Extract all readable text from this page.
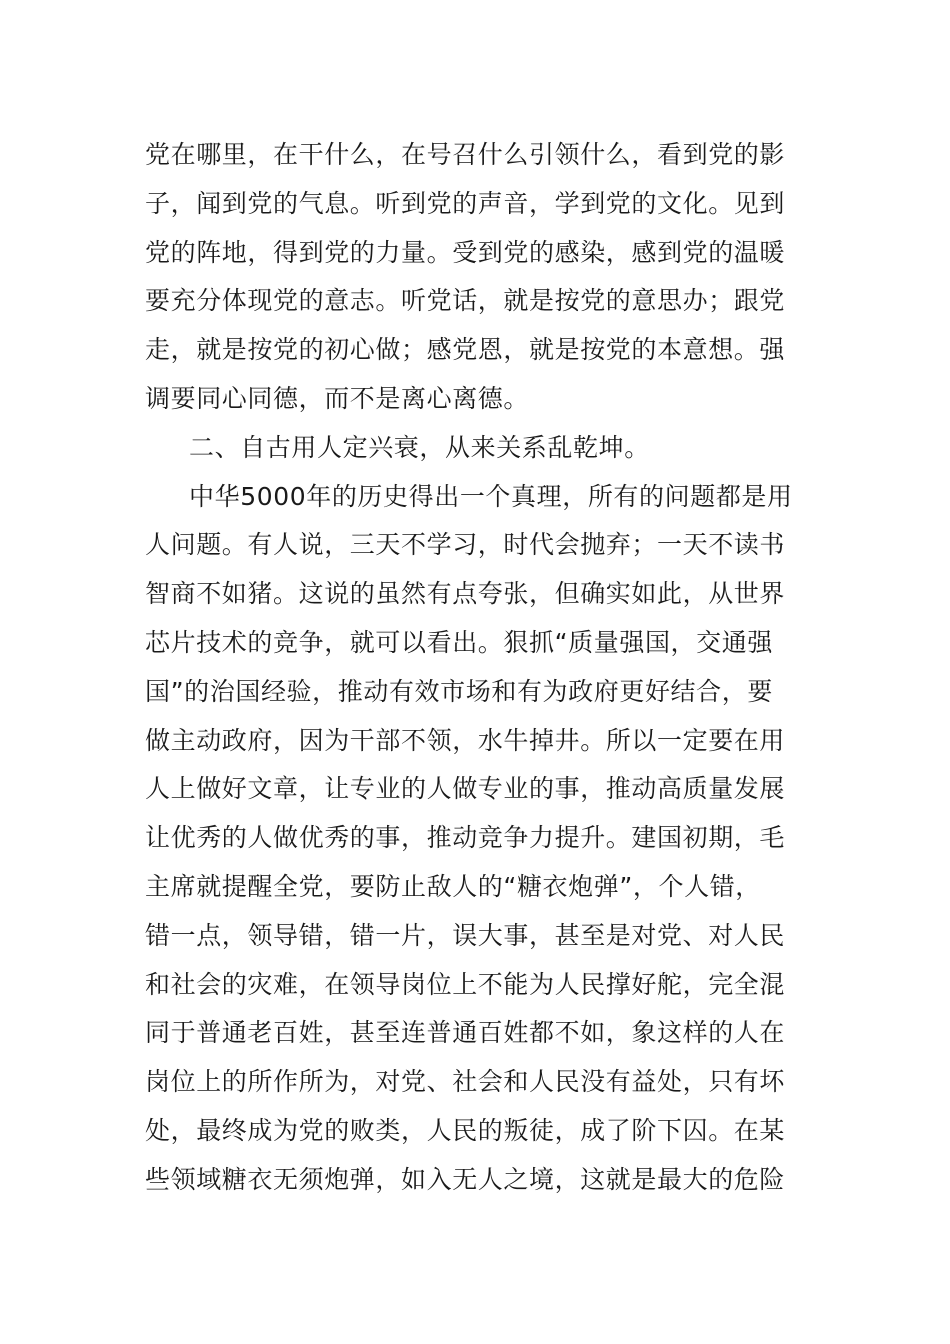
党在哪里，在干什么，在号召什么引领什么，看到党的影
子，闻到党的气息。听到党的声音，学到党的文化。见到
党的阵地，得到党的力量。受到党的感染，感到党的温暖
要充分体现党的意志。听党话，就是按党的意思办；跟党
走，就是按党的初心做；感党恩，就是按党的本意想。强
调要同心同德，而不是离心离德。
二、自古用人定兴衰，从来关系乱乾坤。
中华5000年的历史得出一个真理，所有的问题都是用
人问题。有人说，三天不学习，时代会抛弃；一天不读书
智商不如猪。这说的虽然有点夸张，但确实如此，从世界
芯片技术的竞争，就可以看出。狠抓“质量强国，交通强
国”的治国经验，推动有效市场和有为政府更好结合，要
做主动政府，因为干部不领，水牛掉井。所以一定要在用
人上做好文章，让专业的人做专业的事，推动高质量发展
让优秀的人做优秀的事，推动竞争力提升。建国初期，毛
主席就提醒全党，要防止敌人的“糖衣炮弹”，个人错，
错一点，领导错，错一片，误大事，甚至是对党、对人民
和社会的灾难，在领导岗位上不能为人民撑好舵，完全混
同于普通老百姓，甚至连普通百姓都不如，象这样的人在
岗位上的所作所为，对党、社会和人民没有益处，只有坏
处，最终成为党的败类，人民的叛徒，成了阶下囚。在某
些领域糖衣无须炮弹，如入无人之境，这就是最大的危险
